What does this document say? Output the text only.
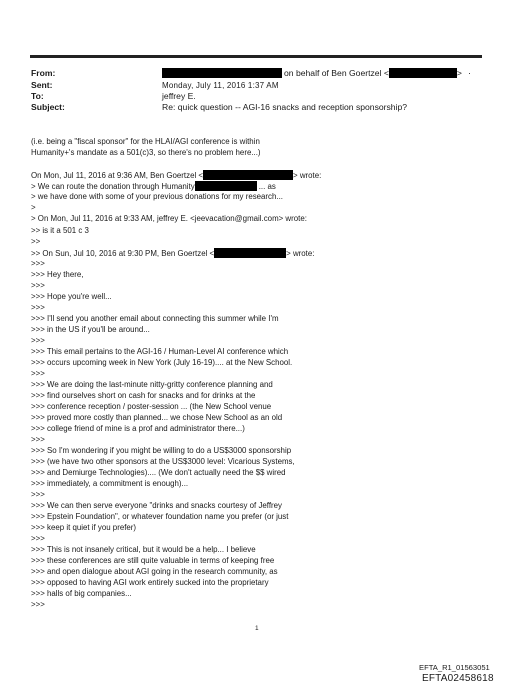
From:	on behalf of Ben Goertzel <	> ·
Sent:	Monday, July 11, 2016 1:37 AM
To:	jeffrey E.
Subject:	Re: quick question -- AGI-16 snacks and reception sponsorship?
(i.e. being a "fiscal sponsor" for the HLAI/AGI conference is within
Humanity+'s mandate as a 501(c)3, so there's no problem here...)
On Mon, Jul 11, 2016 at 9:36 AM, Ben Goertzel <	> wrote:
> We can route the donation through Humanity	... as
> we have done with some of your previous donations for my research...
>
> On Mon, Jul 11, 2016 at 9:33 AM, jeffrey E. <jeevacation@gmail.com> wrote:
>> is it a 501 c 3
>>
>> On Sun, Jul 10, 2016 at 9:30 PM, Ben Goertzel <	> wrote:
>>>
>>> Hey there,
>>>
>>> Hope you're well...
>>>
>>> I'll send you another email about connecting this summer while I'm
>>> in the US if you'll be around...
>>>
>>> This email pertains to the AGI-16 / Human-Level AI conference which
>>> occurs upcoming week in New York (July 16-19).... at the New School.
>>>
>>> We are doing the last-minute nitty-gritty conference planning and
>>> find ourselves short on cash for snacks and for drinks at the
>>> conference reception / poster-session ... (the New School venue
>>> proved more costly than planned... we chose New School as an old
>>> college friend of mine is a prof and administrator there...)
>>>
>>> So I'm wondering if you might be willing to do a US$3000 sponsorship
>>> (we have two other sponsors at the US$3000 level: Vicarious Systems,
>>> and Demiurge Technologies).... (We don't actually need the $$ wired
>>> immediately, a commitment is enough)...
>>>
>>> We can then serve everyone "drinks and snacks courtesy of Jeffrey
>>> Epstein Foundation", or whatever foundation name you prefer (or just
>>> keep it quiet if you prefer)
>>>
>>> This is not insanely critical, but it would be a help... I believe
>>> these conferences are still quite valuable in terms of keeping free
>>> and open dialogue about AGI going in the research community, as
>>> opposed to having AGI work entirely sucked into the proprietary
>>> halls of big companies...
>>>
1
EFTA_R1_01563051
EFTA02458618
